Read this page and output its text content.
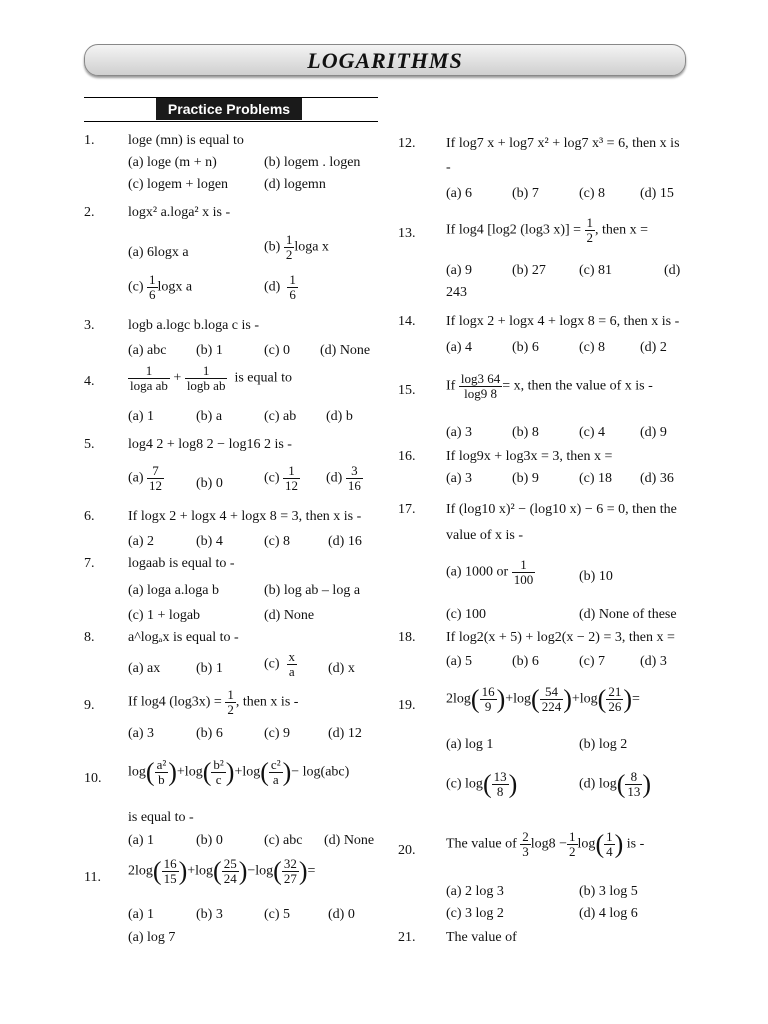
LOGARITHMS
Practice Problems
1. loge (mn) is equal to
(a) loge (m + n)	(b) logem . logen
(c) logem + logen	(d) logemn
2. logx² a.loga² x is -
(a) 6logx a	$(b) \frac{1}{2}$ loga x
$(c) \frac{1}{6}$ logx a	$(d) \frac{1}{6}$
3. logb a.logc b.loga c is -
(a) abc (b) 1	(c) 0 (d) None
4.	$\frac{1}{\text{loga ab}} + \frac{1}{\text{logb ab}}$ is equal to
(a) 1	(b) a	(c) ab (d) b
5. log4 2 + log8 2 − log16 2 is -
$(a) \frac{7}{12} (b)$ 0	$(c) \frac{1}{12} (d) \frac{3}{16}$
6. If logx 2 + logx 4 + logx 8 = 3, then x is -
(a) 2	(b) 4	(c) 8	(d) 16
7. logaab is equal to -
(a) loga a.loga b	(b) log ab – log a
(c) 1 + logab	(d) None
8. a^logₐx is equal to -
(a) ax	(b) 1	$(c) \frac{x}{a} (d)$ x
9. If log4 $(\log 3x) = \frac{1}{2}$ , then x is -
(a) 3	(b) 6	(c) 9	(d) 12
10. $\log( \frac{\text{a²}}{b} )+\log( \frac{\text{b²}}{c} )+\log( \frac{\text{c²}}{a}$ )− log(abc)
is equal to -
(a) 1	(b) 0	(c) abc (d) None
11. $2\log( \frac{16}{15} )+\log( \frac{25}{24} )-\log( \frac{32}{27}$ )=
(a) 1	(b) 3	(c) 5	(d) 0
(a) log 7
12. If log7 x + log7 x² + log7 x³ = 6, then x is
-
(a) 6	(b) 7	(c) 8 (d) 15
13. If log4 [log2 (log3 $x)] = \frac{1}{2}$ , then x =
(a) 9	(b) 27 (c) 81	(d)
243
14. If logx 2 + logx 4 + logx 8 = 6, then x is -
(a) 4	(b) 6	(c) 8 (d) 2
15. If $\frac{\log 3 64}{\log 9 8} = x$, then the value of x is -
(a) 3	(b) 8	(c) 4 (d) 9
16. If log9x + log3x = 3, then x =
(a) 3	(b) 9	(c) 18 (d) 36
17. If (log10 x)² − (log10 x) − 6 = 0, then the
value of x is -
(a) 1000 or $\frac{1}{100}$	(b) 10
(c) 100	(d) None of these
18. If log2(x + 5) + log2(x − 2) = 3, then x =
(a) 5	(b) 6	(c) 7 (d) 3
19. $2\log( \frac{16}{9} )+\log( \frac{54}{224} )+\log( \frac{21}{26}$ )=
(a) log 1	(b) log 2
(c) $\log( \frac{13}{8}$ )	(d) $\log( \frac{8}{13}$ )
20. The value of $\frac{2}{3} \log 8 - \frac{1}{2} \log( \frac{1}{4}$ ) is -
(a) 2 log 3	(b) 3 log 5
(c) 3 log 2	(d) 4 log 6
21. The value of
